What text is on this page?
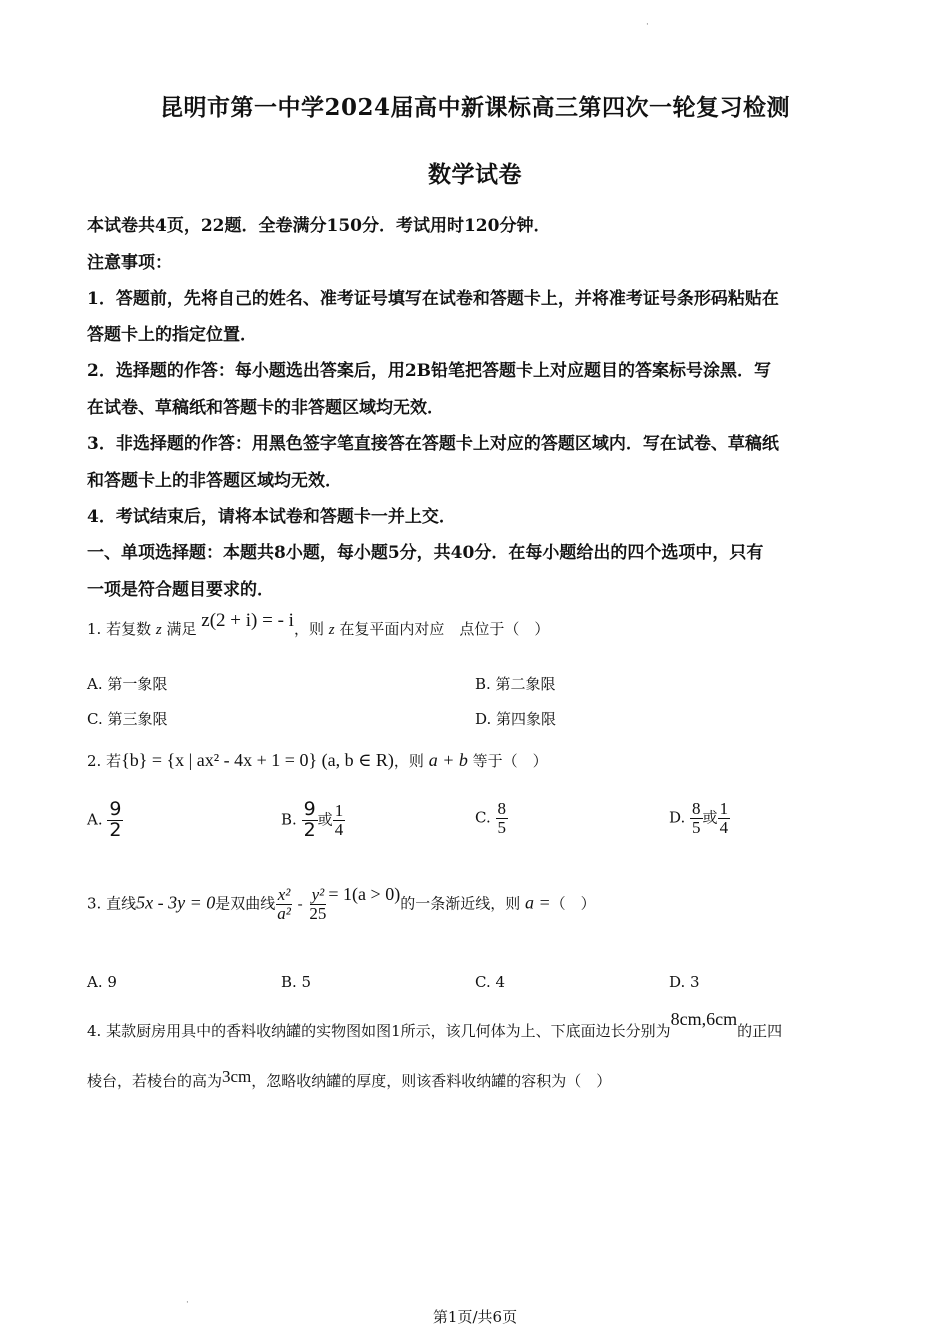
·
昆明市第一中学2024届高中新课标高三第四次一轮复习检测
数学试卷
本试卷共4页，22题．全卷满分150分．考试用时120分钟．
注意事项：
1．答题前，先将自己的姓名、准考证号填写在试卷和答题卡上，并将准考证号条形码粘贴在
答题卡上的指定位置．
2．选择题的作答：每小题选出答案后，用2B铅笔把答题卡上对应题目的答案标号涂黑．写
在试卷、草稿纸和答题卡的非答题区域均无效．
3．非选择题的作答：用黑色签字笔直接答在答题卡上对应的答题区域内．写在试卷、草稿纸
和答题卡上的非答题区域均无效．
4．考试结束后，请将本试卷和答题卡一并上交．
一、单项选择题：本题共8小题，每小题5分，共40分．在每小题给出的四个选项中，只有
一项是符合题目要求的．
1. 若复数 z 满足 z(2 + i) = - i，则 z 在复平面内对应　点位于（　）
A. 第一象限	B. 第二象限
C. 第三象限	D. 第四象限
2. 若{b} = {x | ax² - 4x + 1 = 0} (a, b ∈ R)，则 a + b 等于（　）
A. $\frac{9}{2}$	B. $\frac{9}{2}$ 或 $\frac{1}{4}$	C. $\frac{8}{5}$	D. $\frac{8}{5}$ 或 $\frac{1}{4}$
3. 直线5x - 3y = 0是双曲线 $\frac{\text{x²}}{\text{a²}} - \frac{\text{y²}}{25} = 1(a > 0)$的一条渐近线，则 a =（　）
A. 9	B. 5	C. 4	D. 3
4. 某款厨房用具中的香料收纳罐的实物图如图1所示，该几何体为上、下底面边长分别为8cm,6cm的正四
棱台，若棱台的高为3cm，忽略收纳罐的厚度，则该香料收纳罐的容积为（　）
·
第1页/共6页
